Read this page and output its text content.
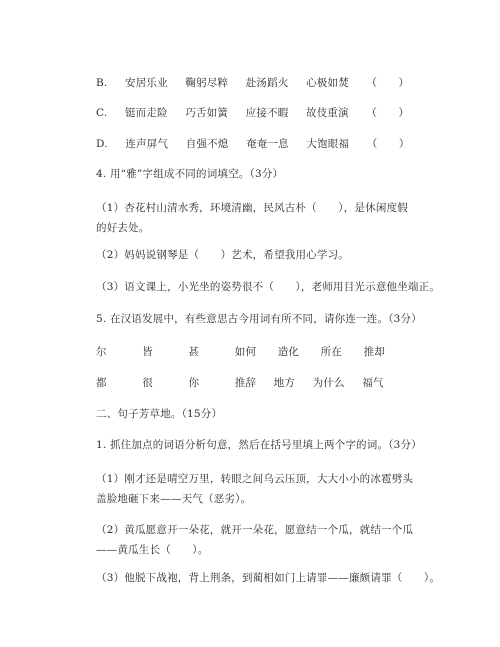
B. 安居乐业 鞠躬尽粹 赴汤蹈火 心极如焚 （　　）
C. 铤而走险 巧舌如簧 应接不暇 故伎重演 （　　）
D. 连声屏气 自强不熄 奄奄一息 大饱眼福 （　　）
4. 用“雅”字组成不同的词填空。（3分）
（1）杏花村山清水秀，环境清幽，民风古朴（　　），是休闲度假的好去处。
（2）妈妈说钢琴是（　　）艺术，希望我用心学习。
（3）语文课上，小光坐的姿势很不（　　），老师用目光示意他坐端正。
5. 在汉语发展中，有些意思古今用词有所不同，请你连一连。（3分）
尔	皆	甚	如何 造化 所在 推却
都	很	你	推辞 地方 为什么 福气
二、句子芳草地。（15分）
1. 抓住加点的词语分析句意，然后在括号里填上两个字的词。（3分）
（1）刚才还是晴空万里，转眼之间乌云压顶，大大小小的冰雹劈头盖脸地砸下来——天气（恶劣）。
（2）黄瓜愿意开一朵花，就开一朵花，愿意结一个瓜，就结一个瓜——黄瓜生长（　　）。
（3）他脱下战袍，背上荆条，到蔺相如门上请罪——廉颇请罪（　　）。
